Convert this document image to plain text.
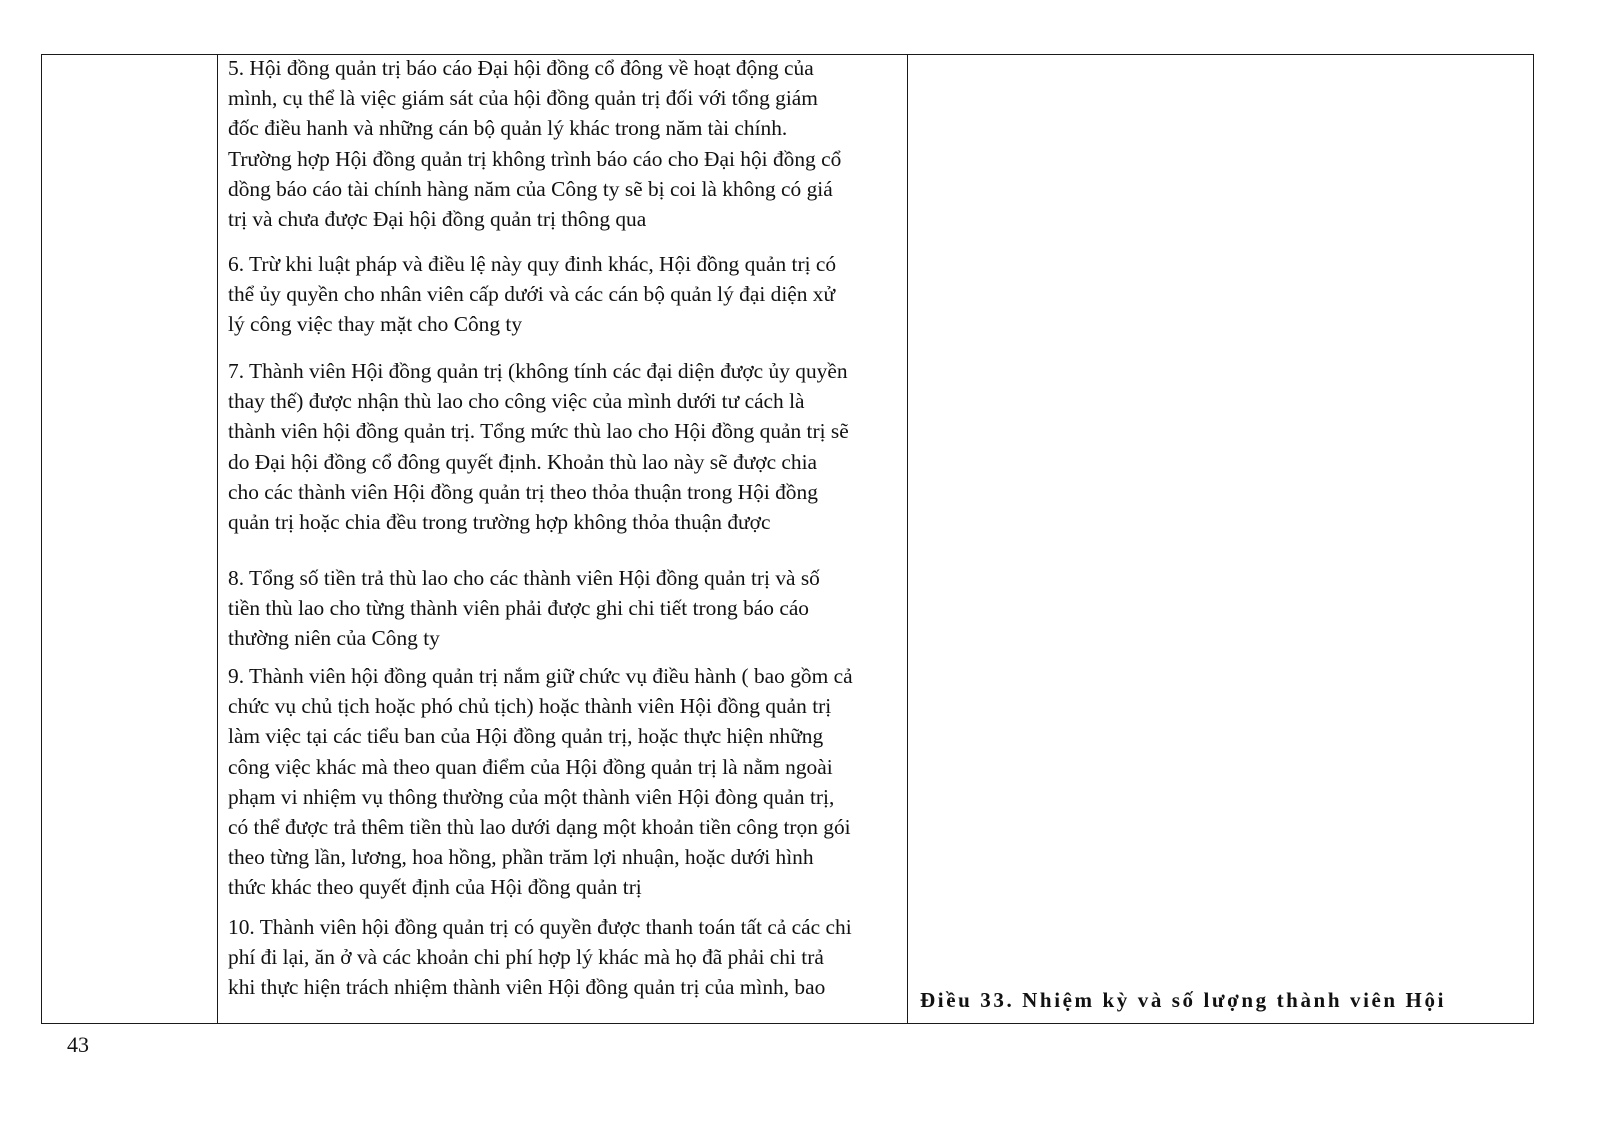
5. Hội đồng quản trị báo cáo Đại hội đồng cổ đông về hoạt động của
mình, cụ thể là việc giám sát của hội đồng quản trị đối với tổng giám
đốc điều hanh và những cán bộ quản lý khác trong năm tài chính.
Trường hợp Hội đồng quản trị không trình báo cáo cho Đại hội đồng cổ
dồng báo cáo tài chính hàng năm của Công ty sẽ bị coi là không có giá
trị và chưa được Đại hội đồng quản trị thông qua

6. Trừ khi luật pháp và điều lệ này quy đinh khác, Hội đồng quản trị có
thể ủy quyền cho nhân viên cấp dưới và các cán bộ quản lý đại diện xử
lý công việc thay mặt cho Công ty

7. Thành viên Hội đồng quản trị (không tính các đại diện được ủy quyền
thay thế) được nhận thù lao cho công việc của mình dưới tư cách là
thành viên hội đồng quản trị. Tổng mức thù lao cho Hội đồng quản trị sẽ
do Đại hội đồng cổ đông quyết định. Khoản thù lao này sẽ được chia
cho các thành viên Hội đồng quản trị theo thỏa thuận trong Hội đồng
quản trị hoặc chia đều trong trường hợp không thỏa thuận được

8. Tổng số tiền trả thù lao cho các thành viên Hội đồng quản trị và số
tiền thù lao cho từng thành viên phải được ghi chi tiết trong báo cáo
thường niên của Công ty

9. Thành viên hội đồng quản trị nắm giữ chức vụ điều hành ( bao gồm cả
chức vụ chủ tịch hoặc phó chủ tịch) hoặc thành viên Hội đồng quản trị
làm việc tại các tiểu ban của Hội đồng quản trị, hoặc thực hiện những
công việc khác mà theo quan điểm của Hội đồng quản trị là nằm ngoài
phạm vi nhiệm vụ thông thường của một thành viên Hội đòng quản trị,
có thể được trả thêm tiền thù lao dưới dạng một khoản tiền công trọn gói
theo từng lần, lương, hoa hồng, phần trăm lợi nhuận, hoặc dưới hình
thức khác theo quyết định của Hội đồng quản trị

10. Thành viên hội đồng quản trị có quyền được thanh toán tất cả các chi
phí đi lại, ăn ở và các khoản chi phí hợp lý khác mà họ đã phải chi trả
khi thực hiện trách nhiệm thành viên Hội đồng quản trị của mình, bao

Điều 33. Nhiệm kỳ và số lượng thành viên Hội

43
